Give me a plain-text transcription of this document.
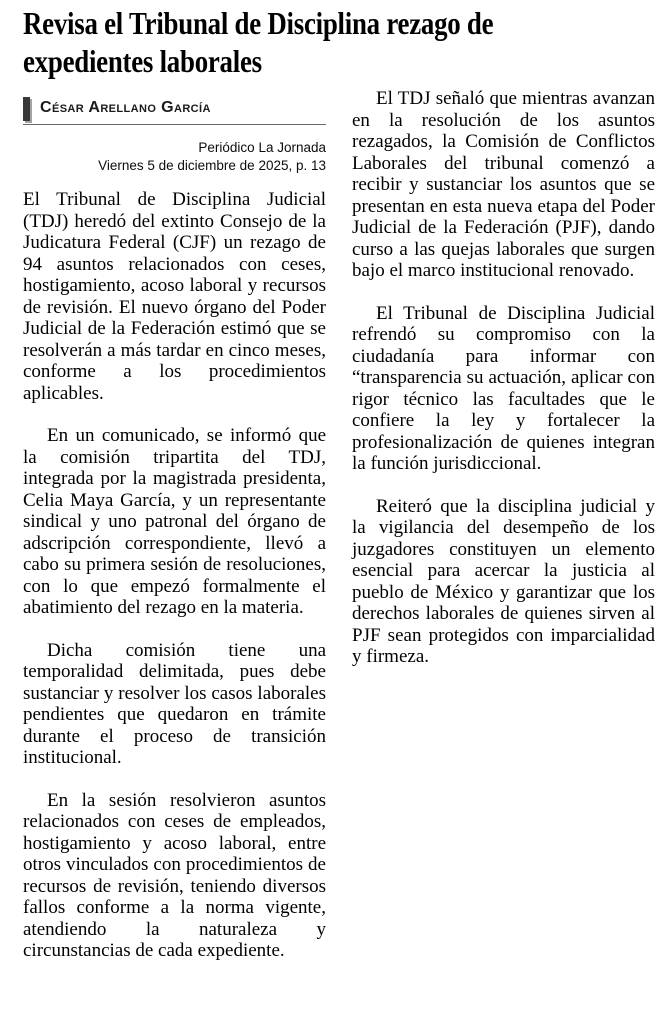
Revisa el Tribunal de Disciplina rezago de
expedientes laborales
César Arellano García
Periódico La Jornada
Viernes 5 de diciembre de 2025, p. 13

El Tribunal de Disciplina Judicial (TDJ) heredó del extinto Consejo de la Judicatura Federal (CJF) un rezago de 94 asuntos relacionados con ceses, hostigamiento, acoso laboral y recursos de revisión. El nuevo órgano del Poder Judicial de la Federación estimó que se resolverán a más tardar en cinco meses, conforme a los procedimientos aplicables.

En un comunicado, se informó que la comisión tripartita del TDJ, integrada por la magistrada presidenta, Celia Maya García, y un representante sindical y uno patronal del órgano de adscripción correspondiente, llevó a cabo su primera sesión de resoluciones, con lo que empezó formalmente el abatimiento del rezago en la materia.

Dicha comisión tiene una temporalidad delimitada, pues debe sustanciar y resolver los casos laborales pendientes que quedaron en trámite durante el proceso de transición institucional.

En la sesión resolvieron asuntos relacionados con ceses de empleados, hostigamiento y acoso laboral, entre otros vinculados con procedimientos de recursos de revisión, teniendo diversos fallos conforme a la norma vigente, atendiendo la naturaleza y circunstancias de cada expediente.

El TDJ señaló que mientras avanzan en la resolución de los asuntos rezagados, la Comisión de Conflictos Laborales del tribunal comenzó a recibir y sustanciar los asuntos que se presentan en esta nueva etapa del Poder Judicial de la Federación (PJF), dando curso a las quejas laborales que surgen bajo el marco institucional renovado.

El Tribunal de Disciplina Judicial refrendó su compromiso con la ciudadanía para informar con “transparencia su actuación, aplicar con rigor técnico las facultades que le confiere la ley y fortalecer la profesionalización de quienes integran la función jurisdiccional.

Reiteró que la disciplina judicial y la vigilancia del desempeño de los juzgadores constituyen un elemento esencial para acercar la justicia al pueblo de México y garantizar que los derechos laborales de quienes sirven al PJF sean protegidos con imparcialidad y firmeza.
